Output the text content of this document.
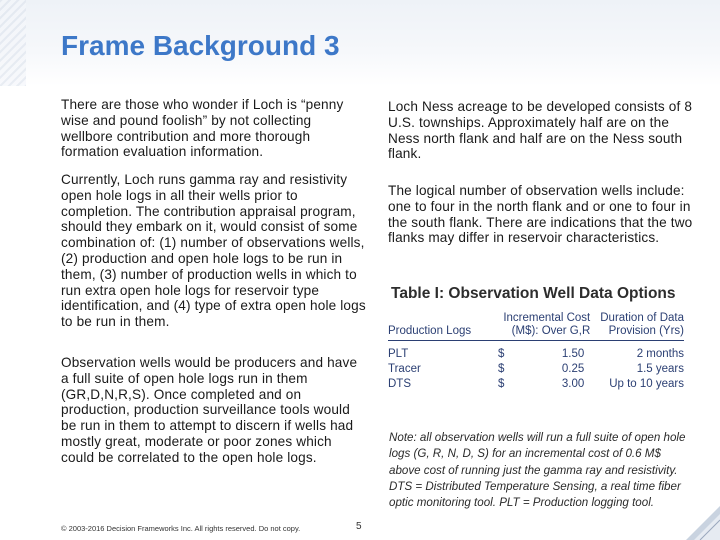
Frame Background 3

There are those who wonder if Loch is “penny wise and pound foolish” by not collecting wellbore contribution and more thorough formation evaluation information.

Currently, Loch runs gamma ray and resistivity open hole logs in all their wells prior to completion. The contribution appraisal program, should they embark on it, would consist of some combination of: (1) number of observations wells, (2) production and open hole logs to be run in them, (3) number of production wells in which to run extra open hole logs for reservoir type identification, and (4) type of extra open hole logs to be run in them.

Observation wells would be producers and have a full suite of open hole logs run in them (GR,D,N,R,S). Once completed and on production, production surveillance tools would be run in them to attempt to discern if wells had mostly great, moderate or poor zones which could be correlated to the open hole logs.

Loch Ness acreage to be developed consists of 8 U.S. townships. Approximately half are on the Ness north flank and half are on the Ness south flank.

The logical number of observation wells include: one to four in the north flank and or one to four in the south flank. There are indications that the two flanks may differ in reservoir characteristics.

Table I: Observation Well Data Options
	Incremental Cost		Duration of Data
Production Logs	(M$): Over G,R		Provision (Yrs)

PLT	$	1.50	2 months
Tracer	$	0.25	1.5 years
DTS	$	3.00	Up to 10 years
Note: all observation wells will run a full suite of open hole logs (G, R, N, D, S) for an incremental cost of 0.6 M$ above cost of running just the gamma ray and resistivity. DTS = Distributed Temperature Sensing, a real time fiber optic monitoring tool. PLT = Production logging tool.
© 2003-2016 Decision Frameworks Inc. All rights reserved. Do not copy.	5
